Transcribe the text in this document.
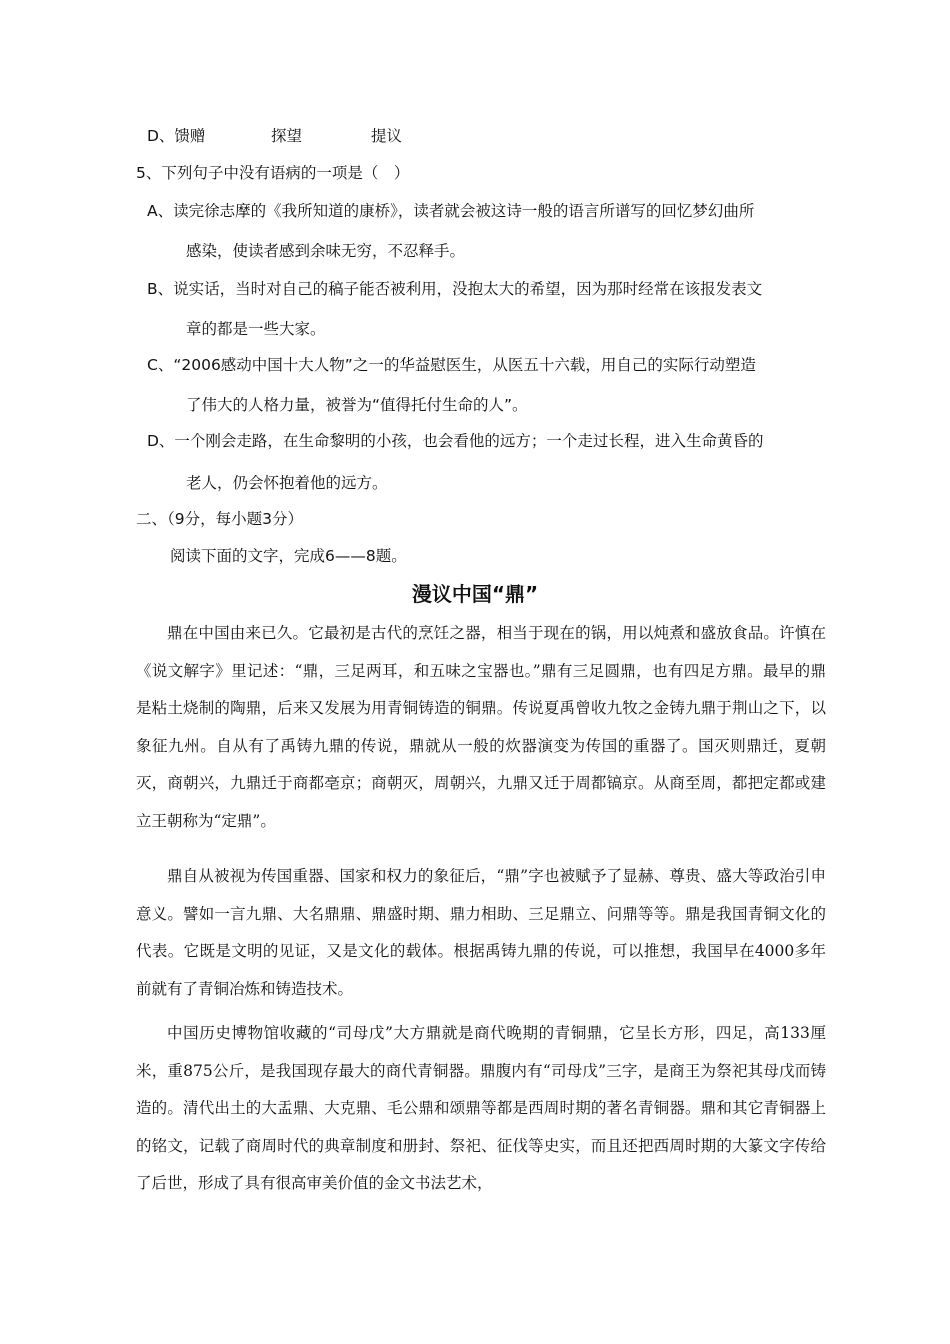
D、馈赠	探望	提议
5、下列句子中没有语病的一项是（　）
A、读完徐志摩的《我所知道的康桥》，读者就会被这诗一般的语言所谱写的回忆梦幻曲所
感染，使读者感到余味无穷，不忍释手。
B、说实话，当时对自己的稿子能否被利用，没抱太大的希望，因为那时经常在该报发表文
章的都是一些大家。
C、“2006感动中国十大人物”之一的华益慰医生，从医五十六载，用自己的实际行动塑造
了伟大的人格力量，被誉为“值得托付生命的人”。
D、一个刚会走路，在生命黎明的小孩，也会看他的远方；一个走过长程，进入生命黄昏的
老人，仍会怀抱着他的远方。
二、（9分，每小题3分）
阅读下面的文字，完成6——8题。
漫议中国“鼎”

鼎在中国由来已久。它最初是古代的烹饪之器，相当于现在的锅，用以炖煮和盛放食品。许慎在《说文解字》里记述：“鼎，三足两耳，和五味之宝器也。”鼎有三足圆鼎，也有四足方鼎。最早的鼎是粘土烧制的陶鼎，后来又发展为用青铜铸造的铜鼎。传说夏禹曾收九牧之金铸九鼎于荆山之下，以象征九州。自从有了禹铸九鼎的传说，鼎就从一般的炊器演变为传国的重器了。国灭则鼎迁，夏朝灭，商朝兴，九鼎迁于商都亳京；商朝灭，周朝兴，九鼎又迁于周都镐京。从商至周，都把定都或建立王朝称为“定鼎”。

鼎自从被视为传国重器、国家和权力的象征后，“鼎”字也被赋予了显赫、尊贵、盛大等政治引申意义。譬如一言九鼎、大名鼎鼎、鼎盛时期、鼎力相助、三足鼎立、问鼎等等。鼎是我国青铜文化的代表。它既是文明的见证，又是文化的载体。根据禹铸九鼎的传说，可以推想，我国早在4000多年前就有了青铜冶炼和铸造技术。

中国历史博物馆收藏的“司母戊”大方鼎就是商代晚期的青铜鼎，它呈长方形，四足，高133厘米，重875公斤，是我国现存最大的商代青铜器。鼎腹内有“司母戊”三字，是商王为祭祀其母戊而铸造的。清代出土的大盂鼎、大克鼎、毛公鼎和颂鼎等都是西周时期的著名青铜器。鼎和其它青铜器上的铭文，记载了商周时代的典章制度和册封、祭祀、征伐等史实，而且还把西周时期的大篆文字传给了后世，形成了具有很高审美价值的金文书法艺术，
